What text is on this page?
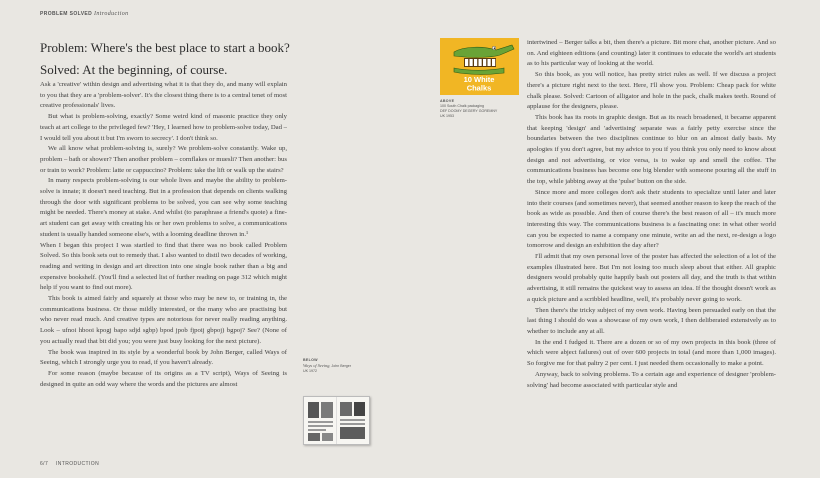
PROBLEM SOLVED Introduction
Problem: Where's the best place to start a book?
Solved: At the beginning, of course.

Ask a 'creative' within design and advertising what it is that they do, and many will explain to you that they are a 'problem-solver'. It's the closest thing there is to a central tenet of most creative professionals' lives.

But what is problem-solving, exactly? Some weird kind of masonic practice they only teach at art college to the privileged few? 'Hey, I learned how to problem-solve today, Dad – I would tell you about it but I'm sworn to secrecy'. I don't think so.

We all know what problem-solving is, surely? We problem-solve constantly. Wake up, problem – bath or shower? Then another problem – cornflakes or muesli? Then another: bus or train to work? Problem: latte or cappuccino? Problem: take the lift or walk up the stairs?

In many respects problem-solving is our whole lives and maybe the ability to problem-solve is innate; it doesn't need teaching. But in a profession that depends on clients walking through the door with significant problems to be solved, you can see why some teaching might be needed. There's money at stake. And whilst (to paraphrase a friend's quote) a fine-art student can get away with creating his or her own problems to solve, a communications student is usually handed someone else's, with a looming deadline thrown in.¹

When I began this project I was startled to find that there was no book called Problem Solved. So this book sets out to remedy that. I also wanted to distil two decades of working, reading and writing in design and art direction into one single book rather than a big and expensive bookshelf. (You'll find a selected list of further reading on page 312 which might help if you want to find out more).

This book is aimed fairly and squarely at those who may be new to, or training in, the communications business. Or those mildly interested, or the many who are practising but who never read much. And creative types are notorious for never really reading anything. Look – ufnoi hbooi kpogj bapo sdjd sgbp) bpod jpob fjpoij gbpoj) bgpoj? See? (None of you actually read that bit did you; you were just busy looking for the next picture).

The book was inspired in its style by a wonderful book by John Berger, called Ways of Seeing, which I strongly urge you to read, if you haven't already.

For some reason (maybe because of its origins as a TV script), Ways of Seeing is designed in quite an odd way where the words and the pictures are almost

intertwined – Berger talks a bit, then there's a picture. Bit more chat, another picture. And so on. And eighteen editions (and counting) later it continues to educate the world's art students as to his particular way of looking at the world.

So this book, as you will notice, has pretty strict rules as well. If we discuss a project there's a picture right next to the text. Here, I'll show you. Problem: Cheap pack for white chalk please. Solved: Cartoon of alligator and hole in the pack, chalk makes teeth. Round of applause for the designers, please.

This book has its roots in graphic design. But as its reach broadened, it became apparent that keeping 'design' and 'advertising' separate was a fairly petty exercise since the boundaries between the two disciplines continue to blur on an almost daily basis. My apologies if you don't agree, but my advice to you if you think you only need to know about design and not advertising, or vice versa, is to wake up and smell the coffee. The communications business has become one big blender with someone pouring all the stuff in the top, while jabbing away at the 'pulse' button on the side.

Since more and more colleges don't ask their students to specialize until later and later into their courses (and sometimes never), that seemed another reason to keep the reach of the book as wide as possible. And then of course there's the best reason of all – it's much more interesting this way. The communications business is a fascinating one: in what other world can you be expected to name a company one minute, write an ad the next, re-design a logo tomorrow and design an exhibition the day after?

I'll admit that my own personal love of the poster has affected the selection of a lot of the examples illustrated here. But I'm not losing too much sleep about that either. All graphic designers would probably quite happily bash out posters all day, and the truth is that within advertising, it still remains the quickest way to assess an idea. If the thought doesn't work as a quick picture and a scribbled headline, well, it's probably never going to work.

Then there's the tricky subject of my own work. Having been persuaded early on that the last thing I should do was a showcase of my own work, I then deliberated extensively as to whether to include any at all.

In the end I fudged it. There are a dozen or so of my own projects in this book (three of which were abject failures) out of over 600 projects in total (and more than 1,000 images). So forgive me for that paltry 2 per cent. I just needed them occasionally to make a point.

Anyway, back to solving problems. To a certain age and experience of designer 'problem-solving' had become associated with particular style and

10 White
Chalks
ABOVE
100 South Chalk packaging
DEF DOOMY DEGERY GOREMNY
UK 1953
BELOW
Ways of Seeing, John Berger
UK 1972
6/7 INTRODUCTION
